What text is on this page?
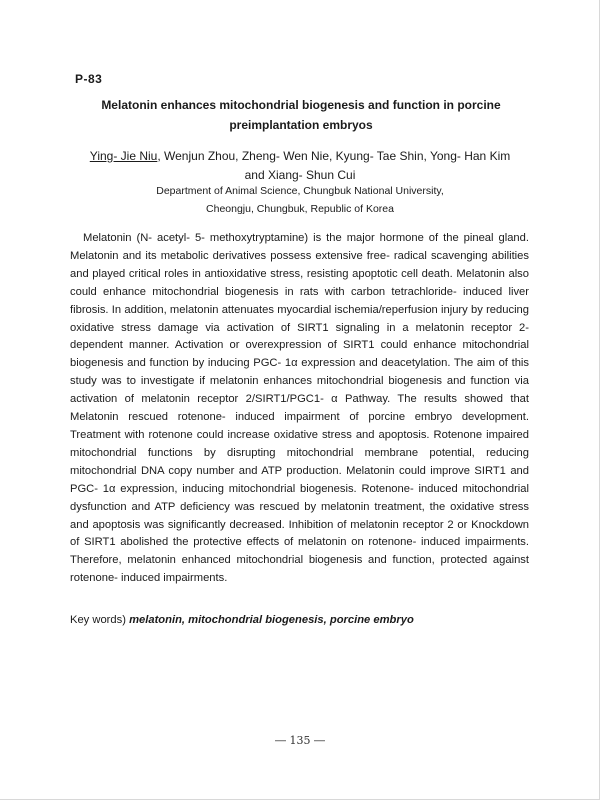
P-83
Melatonin enhances mitochondrial biogenesis and function in porcine preimplantation embryos
Ying- Jie Niu, Wenjun Zhou, Zheng- Wen Nie, Kyung- Tae Shin, Yong- Han Kim and Xiang- Shun Cui
Department of Animal Science, Chungbuk National University,
Cheongju, Chungbuk, Republic of Korea

Melatonin (N- acetyl- 5- methoxytryptamine) is the major hormone of the pineal gland. Melatonin and its metabolic derivatives possess extensive free- radical scavenging abilities and played critical roles in antioxidative stress, resisting apoptotic cell death. Melatonin also could enhance mitochondrial biogenesis in rats with carbon tetrachloride- induced liver fibrosis. In addition, melatonin attenuates myocardial ischemia/reperfusion injury by reducing oxidative stress damage via activation of SIRT1 signaling in a melatonin receptor 2- dependent manner. Activation or overexpression of SIRT1 could enhance mitochondrial biogenesis and function by inducing PGC- 1α expression and deacetylation. The aim of this study was to investigate if melatonin enhances mitochondrial biogenesis and function via activation of melatonin receptor 2/SIRT1/PGC1- α Pathway. The results showed that Melatonin rescued rotenone- induced impairment of porcine embryo development. Treatment with rotenone could increase oxidative stress and apoptosis. Rotenone impaired mitochondrial functions by disrupting mitochondrial membrane potential, reducing mitochondrial DNA copy number and ATP production. Melatonin could improve SIRT1 and PGC- 1α expression, inducing mitochondrial biogenesis. Rotenone- induced mitochondrial dysfunction and ATP deficiency was rescued by melatonin treatment, the oxidative stress and apoptosis was significantly decreased. Inhibition of melatonin receptor 2 or Knockdown of SIRT1 abolished the protective effects of melatonin on rotenone- induced impairments. Therefore, melatonin enhanced mitochondrial biogenesis and function, protected against rotenone- induced impairments.

Key words) melatonin, mitochondrial biogenesis, porcine embryo
― 135 ―
